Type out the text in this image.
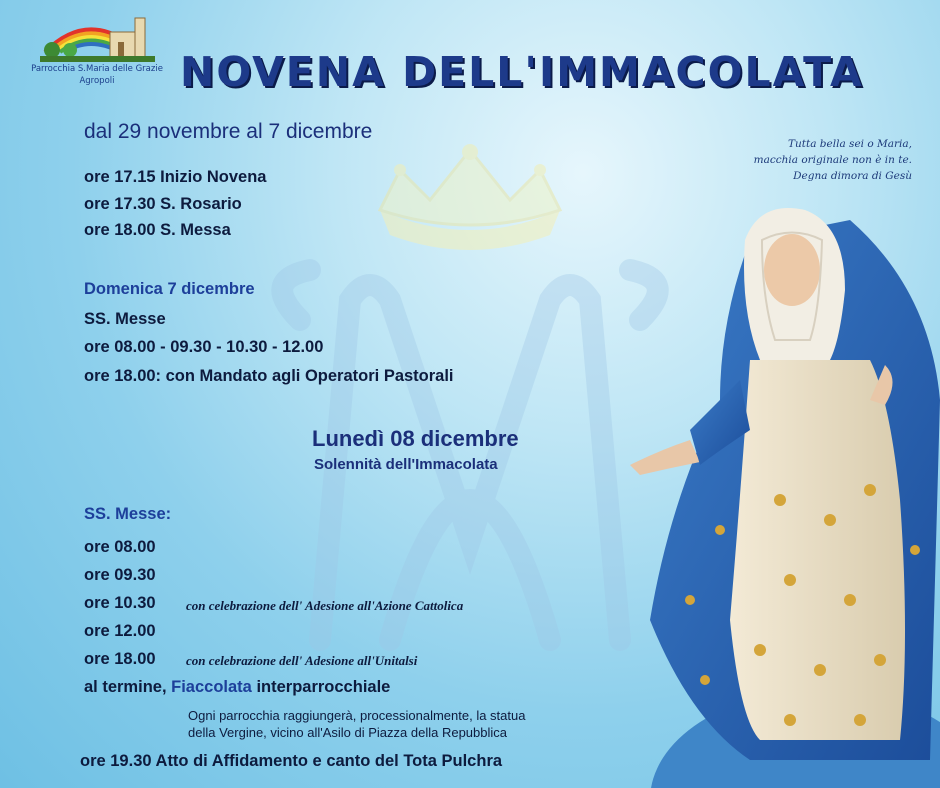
Parrocchia S.Maria delle Grazie
Agropoli	NOVENA DELL'IMMACOLATA
Tutta bella sei o Maria,
macchia originale non è in te.
Degna dimora di Gesù
dal 29 novembre al 7 dicembre
ore 17.15 Inizio Novena
ore 17.30 S. Rosario
ore 18.00 S. Messa
Domenica 7 dicembre
SS. Messe
ore 08.00 - 09.30 - 10.30 - 12.00
ore 18.00: con Mandato agli Operatori Pastorali
Lunedì 08 dicembre
Solennità dell'Immacolata
SS. Messe:
ore 08.00
ore 09.30
ore 10.30 con celebrazione dell' Adesione all'Azione Cattolica
ore 12.00
ore 18.00 con celebrazione dell' Adesione all'Unitalsi
al termine, Fiaccolata interparrocchiale
Ogni parrocchia raggiungerà, processionalmente, la statua
della Vergine, vicino all'Asilo di Piazza della Repubblica
ore 19.30 Atto di Affidamento e canto del Tota Pulchra
